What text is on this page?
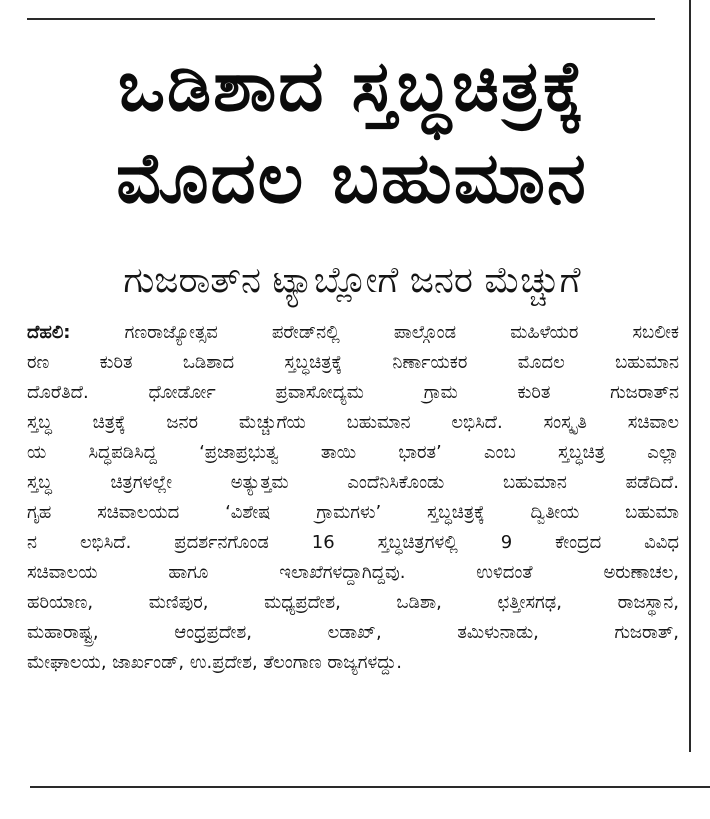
ಒಡಿಶಾದ ಸ್ತಬ್ಧಚಿತ್ರಕ್ಕೆ
ಮೊದಲ ಬಹುಮಾನ
ಗುಜರಾತ್‌ನ ಟ್ಯಾಬ್ಲೋಗೆ ಜನರ ಮೆಚ್ಚುಗೆ
ದೆಹಲಿ: ಗಣರಾಜ್ಯೋತ್ಸವ ಪರೇಡ್‌ನಲ್ಲಿ ಪಾಲ್ಗೊಂಡ ಮಹಿಳೆಯರ ಸಬಲೀಕ
ರಣ ಕುರಿತ ಒಡಿಶಾದ ಸ್ತಬ್ಧಚಿತ್ರಕ್ಕೆ ನಿರ್ಣಾಯಕರ ಮೊದಲ ಬಹುಮಾನ
ದೊರೆತಿದೆ. ಧೋರ್ಡೋ ಪ್ರವಾಸೋದ್ಯಮ ಗ್ರಾಮ ಕುರಿತ ಗುಜರಾತ್‌ನ
ಸ್ತಬ್ಧ ಚಿತ್ರಕ್ಕೆ ಜನರ ಮೆಚ್ಚುಗೆಯ ಬಹುಮಾನ ಲಭಿಸಿದೆ. ಸಂಸ್ಕೃತಿ ಸಚಿವಾಲ
ಯ ಸಿದ್ಧಪಡಿಸಿದ್ದ ‘ಪ್ರಜಾಪ್ರಭುತ್ವ ತಾಯಿ ಭಾರತ’ ಎಂಬ ಸ್ತಬ್ಧಚಿತ್ರ ಎಲ್ಲಾ
ಸ್ತಬ್ಧ ಚಿತ್ರಗಳಲ್ಲೇ ಅತ್ಯುತ್ತಮ ಎಂದೆನಿಸಿಕೊಂಡು ಬಹುಮಾನ ಪಡೆದಿದೆ.
ಗೃಹ ಸಚಿವಾಲಯದ ‘ವಿಶೇಷ ಗ್ರಾಮಗಳು’ ಸ್ತಬ್ಧಚಿತ್ರಕ್ಕೆ ದ್ವಿತೀಯ ಬಹುಮಾ
ನ ಲಭಿಸಿದೆ. ಪ್ರದರ್ಶನಗೊಂಡ 16 ಸ್ತಬ್ಧಚಿತ್ರಗಳಲ್ಲಿ 9 ಕೇಂದ್ರದ ವಿವಿಧ
ಸಚಿವಾಲಯ ಹಾಗೂ ಇಲಾಖೆಗಳದ್ದಾಗಿದ್ದವು. ಉಳಿದಂತೆ ಅರುಣಾಚಲ,
ಹರಿಯಾಣ, ಮಣಿಪುರ, ಮಧ್ಯಪ್ರದೇಶ, ಒಡಿಶಾ, ಛತ್ತೀಸಗಢ, ರಾಜಸ್ಥಾನ,
ಮಹಾರಾಷ್ಟ್ರ, ಆಂಧ್ರಪ್ರದೇಶ, ಲಡಾಖ್, ತಮಿಳುನಾಡು, ಗುಜರಾತ್,
ಮೇಘಾಲಯ, ಜಾರ್ಖಂಡ್, ಉ.ಪ್ರದೇಶ, ತೆಲಂಗಾಣ ರಾಜ್ಯಗಳದ್ದು.
